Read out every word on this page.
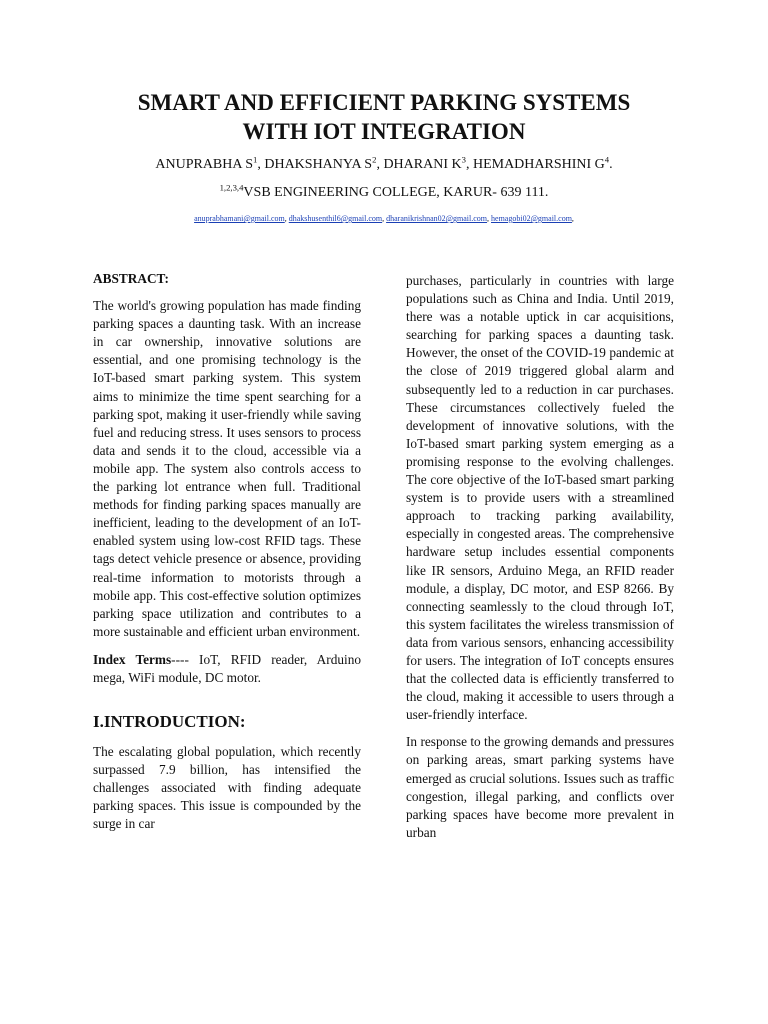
SMART AND EFFICIENT PARKING SYSTEMS
WITH IOT INTEGRATION
ANUPRABHA $S^1$, DHAKSHANYA $S^2$, DHARANI $K^3$, HEMADHARSHINI $G^4$.
$^{1,2,3,4}$VSB ENGINEERING COLLEGE, KARUR- 639 111.
anuprabhamani@gmail.com, dhakshusenthil6@gmail.com, dharanikrishnan02@gmail.com, hemagobi02@gmail.com,
ABSTRACT:

The world's growing population has made finding parking spaces a daunting task. With an increase in car ownership, innovative solutions are essential, and one promising technology is the IoT-based smart parking system. This system aims to minimize the time spent searching for a parking spot, making it user-friendly while saving fuel and reducing stress. It uses sensors to process data and sends it to the cloud, accessible via a mobile app. The system also controls access to the parking lot entrance when full. Traditional methods for finding parking spaces manually are inefficient, leading to the development of an IoT-enabled system using low-cost RFID tags. These tags detect vehicle presence or absence, providing real-time information to motorists through a mobile app. This cost-effective solution optimizes parking space utilization and contributes to a more sustainable and efficient urban environment.

Index Terms---- IoT, RFID reader, Arduino mega, WiFi module, DC motor.

I.INTRODUCTION:

The escalating global population, which recently surpassed 7.9 billion, has intensified the challenges associated with finding adequate parking spaces. This issue is compounded by the surge in car

purchases, particularly in countries with large populations such as China and India. Until 2019, there was a notable uptick in car acquisitions, searching for parking spaces a daunting task. However, the onset of the COVID-19 pandemic at the close of 2019 triggered global alarm and subsequently led to a reduction in car purchases. These circumstances collectively fueled the development of innovative solutions, with the IoT-based smart parking system emerging as a promising response to the evolving challenges. The core objective of the IoT-based smart parking system is to provide users with a streamlined approach to tracking parking availability, especially in congested areas. The comprehensive hardware setup includes essential components like IR sensors, Arduino Mega, an RFID reader module, a display, DC motor, and ESP 8266. By connecting seamlessly to the cloud through IoT, this system facilitates the wireless transmission of data from various sensors, enhancing accessibility for users. The integration of IoT concepts ensures that the collected data is efficiently transferred to the cloud, making it accessible to users through a user-friendly interface.

In response to the growing demands and pressures on parking areas, smart parking systems have emerged as crucial solutions. Issues such as traffic congestion, illegal parking, and conflicts over parking spaces have become more prevalent in urban
